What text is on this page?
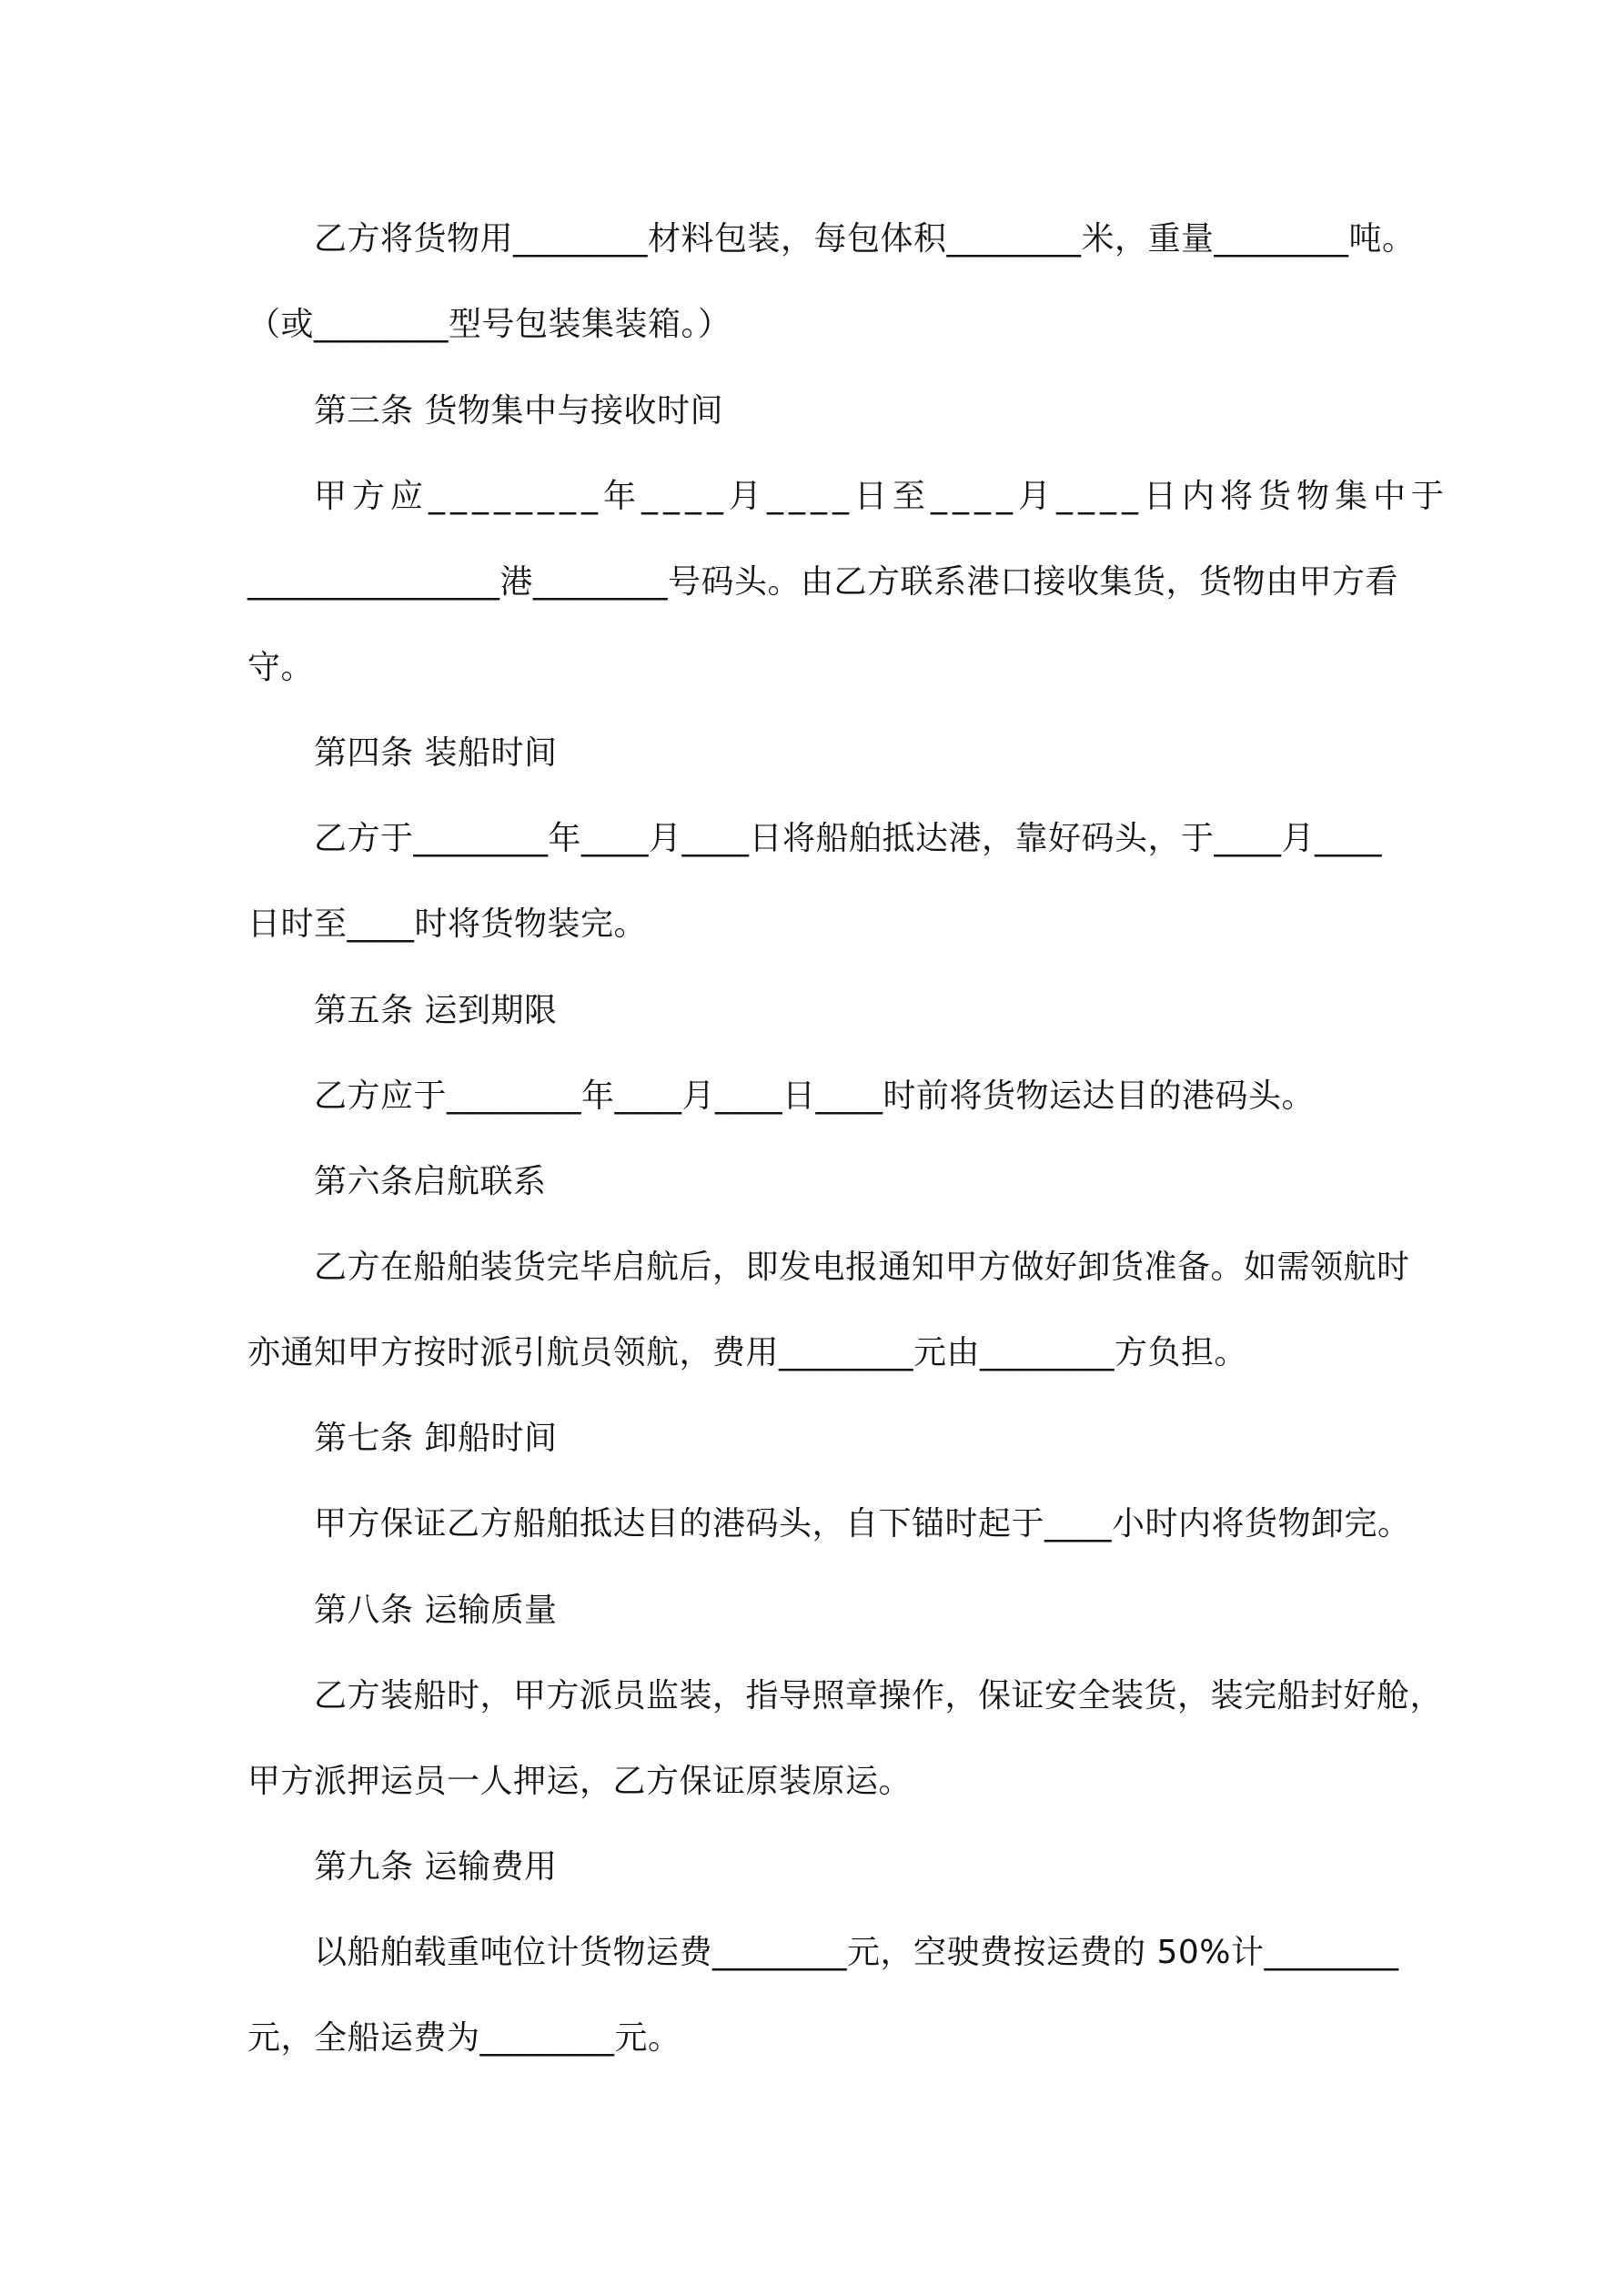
乙方将货物用________材料包装，每包体积________米，重量________吨。
（或________型号包装集装箱。）
第三条 货物集中与接收时间
甲方应________年____月____日至____月____日内将货物集中于
_______________港________号码头。由乙方联系港口接收集货，货物由甲方看
守。
第四条 装船时间
乙方于________年____月____日将船舶抵达港，靠好码头，于____月____
日时至____时将货物装完。
第五条 运到期限
乙方应于________年____月____日____时前将货物运达目的港码头。
第六条启航联系
乙方在船舶装货完毕启航后，即发电报通知甲方做好卸货准备。如需领航时
亦通知甲方按时派引航员领航，费用________元由________方负担。
第七条 卸船时间
甲方保证乙方船舶抵达目的港码头，自下锚时起于____小时内将货物卸完。
第八条 运输质量
乙方装船时，甲方派员监装，指导照章操作，保证安全装货，装完船封好舱，
甲方派押运员一人押运，乙方保证原装原运。
第九条 运输费用
以船舶载重吨位计货物运费________元，空驶费按运费的 50%计________
元，全船运费为________元。
